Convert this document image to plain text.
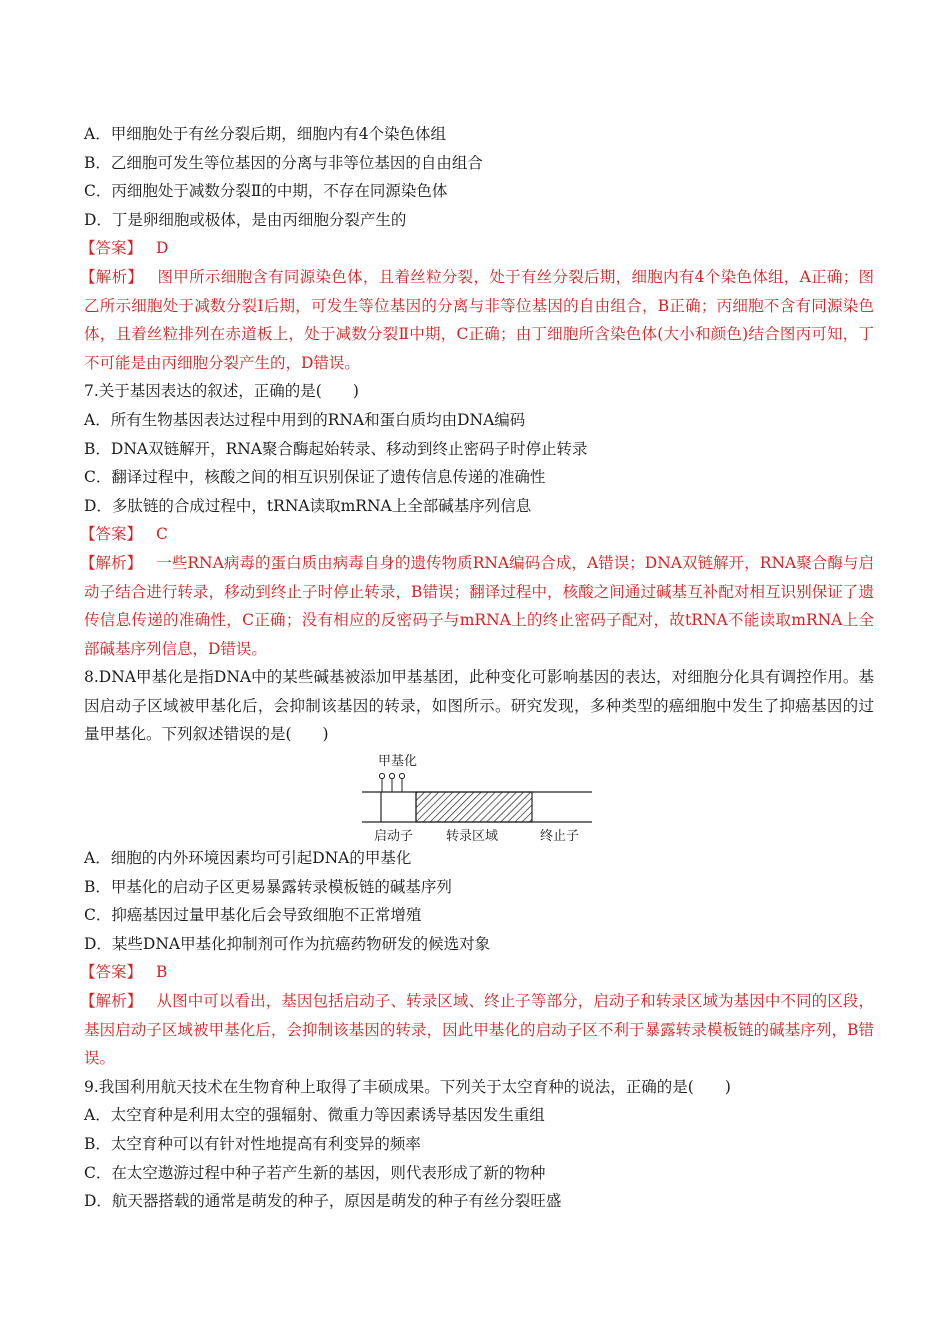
A．甲细胞处于有丝分裂后期，细胞内有4个染色体组
B．乙细胞可发生等位基因的分离与非等位基因的自由组合
C．丙细胞处于减数分裂Ⅱ的中期，不存在同源染色体
D．丁是卵细胞或极体，是由丙细胞分裂产生的
【答案】 D
【解析】 图甲所示细胞含有同源染色体，且着丝粒分裂，处于有丝分裂后期，细胞内有4个染色体组，A正确；图乙所示细胞处于减数分裂Ⅰ后期，可发生等位基因的分离与非等位基因的自由组合，B正确；丙细胞不含有同源染色体，且着丝粒排列在赤道板上，处于减数分裂Ⅱ中期，C正确；由丁细胞所含染色体(大小和颜色)结合图丙可知，丁不可能是由丙细胞分裂产生的，D错误。
7.关于基因表达的叙述，正确的是(　　)
A．所有生物基因表达过程中用到的RNA和蛋白质均由DNA编码
B．DNA双链解开，RNA聚合酶起始转录、移动到终止密码子时停止转录
C．翻译过程中，核酸之间的相互识别保证了遗传信息传递的准确性
D．多肽链的合成过程中，tRNA读取mRNA上全部碱基序列信息
【答案】 C
【解析】 一些RNA病毒的蛋白质由病毒自身的遗传物质RNA编码合成，A错误；DNA双链解开，RNA聚合酶与启动子结合进行转录，移动到终止子时停止转录，B错误；翻译过程中，核酸之间通过碱基互补配对相互识别保证了遗传信息传递的准确性，C正确；没有相应的反密码子与mRNA上的终止密码子配对，故tRNA不能读取mRNA上全部碱基序列信息，D错误。
8.DNA甲基化是指DNA中的某些碱基被添加甲基基团，此种变化可影响基因的表达，对细胞分化具有调控作用。基因启动子区域被甲基化后，会抑制该基因的转录，如图所示。研究发现，多种类型的癌细胞中发生了抑癌基因的过量甲基化。下列叙述错误的是(　　)
甲基化
启动子	转录区域	终止子
A．细胞的内外环境因素均可引起DNA的甲基化
B．甲基化的启动子区更易暴露转录模板链的碱基序列
C．抑癌基因过量甲基化后会导致细胞不正常增殖
D．某些DNA甲基化抑制剂可作为抗癌药物研发的候选对象
【答案】 B
【解析】 从图中可以看出，基因包括启动子、转录区域、终止子等部分，启动子和转录区域为基因中不同的区段，基因启动子区域被甲基化后，会抑制该基因的转录，因此甲基化的启动子区不利于暴露转录模板链的碱基序列，B错误。
9.我国利用航天技术在生物育种上取得了丰硕成果。下列关于太空育种的说法，正确的是(　　)
A．太空育种是利用太空的强辐射、微重力等因素诱导基因发生重组
B．太空育种可以有针对性地提高有利变异的频率
C．在太空遨游过程中种子若产生新的基因，则代表形成了新的物种
D．航天器搭载的通常是萌发的种子，原因是萌发的种子有丝分裂旺盛
